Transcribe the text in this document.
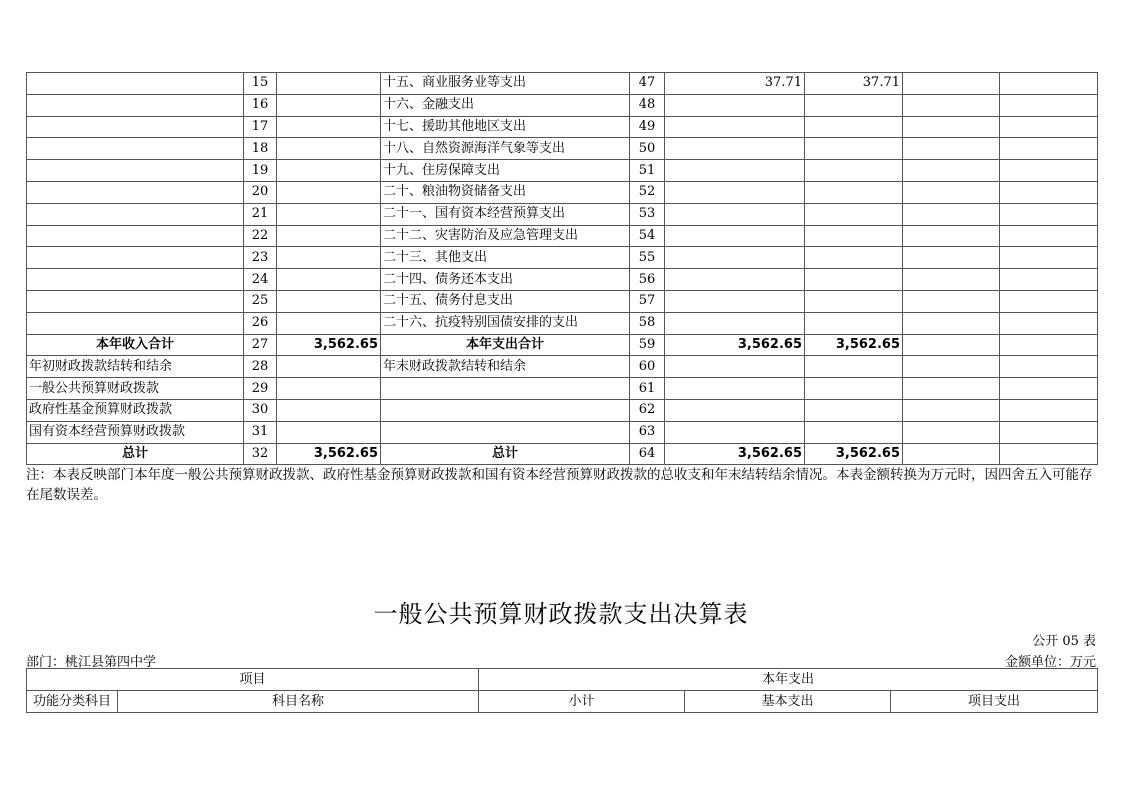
	15		十五、商业服务业等支出	47	37.71	37.71		
	16		十六、金融支出	48				
	17		十七、援助其他地区支出	49				
	18		十八、自然资源海洋气象等支出	50				
	19		十九、住房保障支出	51				
	20		二十、粮油物资储备支出	52				
	21		二十一、国有资本经营预算支出	53				
	22		二十二、灾害防治及应急管理支出	54				
	23		二十三、其他支出	55				
	24		二十四、债务还本支出	56				
	25		二十五、债务付息支出	57				
	26		二十六、抗疫特别国债安排的支出	58				
本年收入合计	27	3,562.65	本年支出合计	59	3,562.65	3,562.65		
年初财政拨款结转和结余	28		年末财政拨款结转和结余	60				
一般公共预算财政拨款	29			61				
政府性基金预算财政拨款	30			62				
国有资本经营预算财政拨款	31			63				
总计	32	3,562.65	总计	64	3,562.65	3,562.65		
注：本表反映部门本年度一般公共预算财政拨款、政府性基金预算财政拨款和国有资本经营预算财政拨款的总收支和年末结转结余情况。本表金额转换为万元时，因四舍五入可能存在尾数误差。
一般公共预算财政拨款支出决算表
公开 05 表
部门：桃江县第四中学	金额单位：万元
项目		本年支出		
功能分类科目	科目名称	小计	基本支出	项目支出
